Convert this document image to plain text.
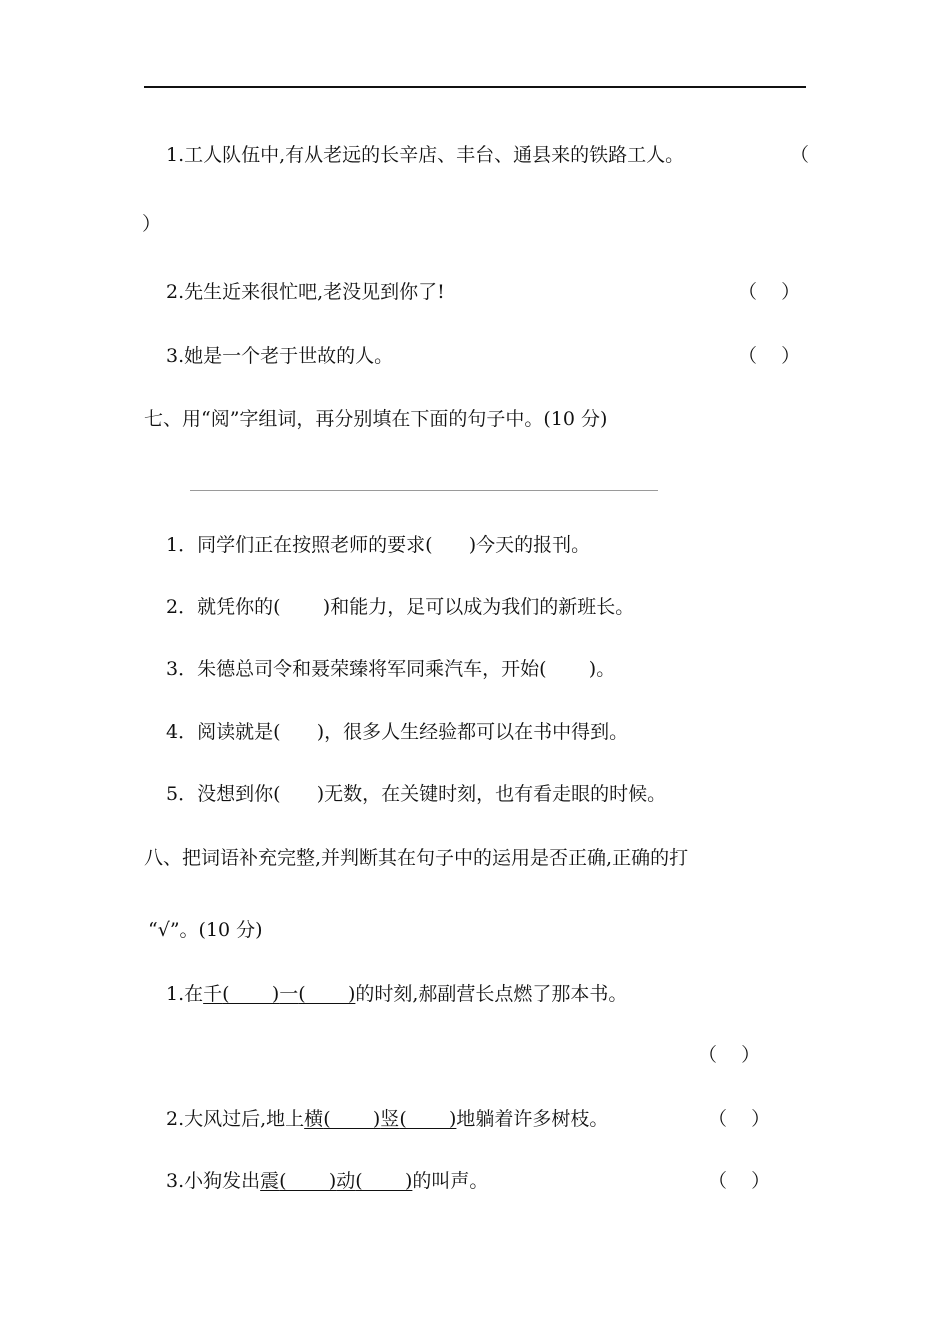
1.工人队伍中,有从老远的长辛店、丰台、通县来的铁路工人。	（
）
2.先生近来很忙吧,老没见到你了!	（    ）
3.她是一个老于世故的人。	（    ）
七、用“阅”字组词，再分别填在下面的句子中。(10 分)
1．同学们正在按照老师的要求( )今天的报刊。
2．就凭你的( )和能力，足可以成为我们的新班长。
3．朱德总司令和聂荣臻将军同乘汽车，开始( )。
4．阅读就是( )，很多人生经验都可以在书中得到。
5．没想到你( )无数，在关键时刻，也有看走眼的时候。
八、把词语补充完整,并判断其在句子中的运用是否正确,正确的打
“√”。(10 分)
1.在千(       )一(       )的时刻,郝副营长点燃了那本书。
（    ）
2.大风过后,地上横(       )竖(       )地躺着许多树枝。	（    ）
3.小狗发出震(       )动(       )的叫声。	（    ）
